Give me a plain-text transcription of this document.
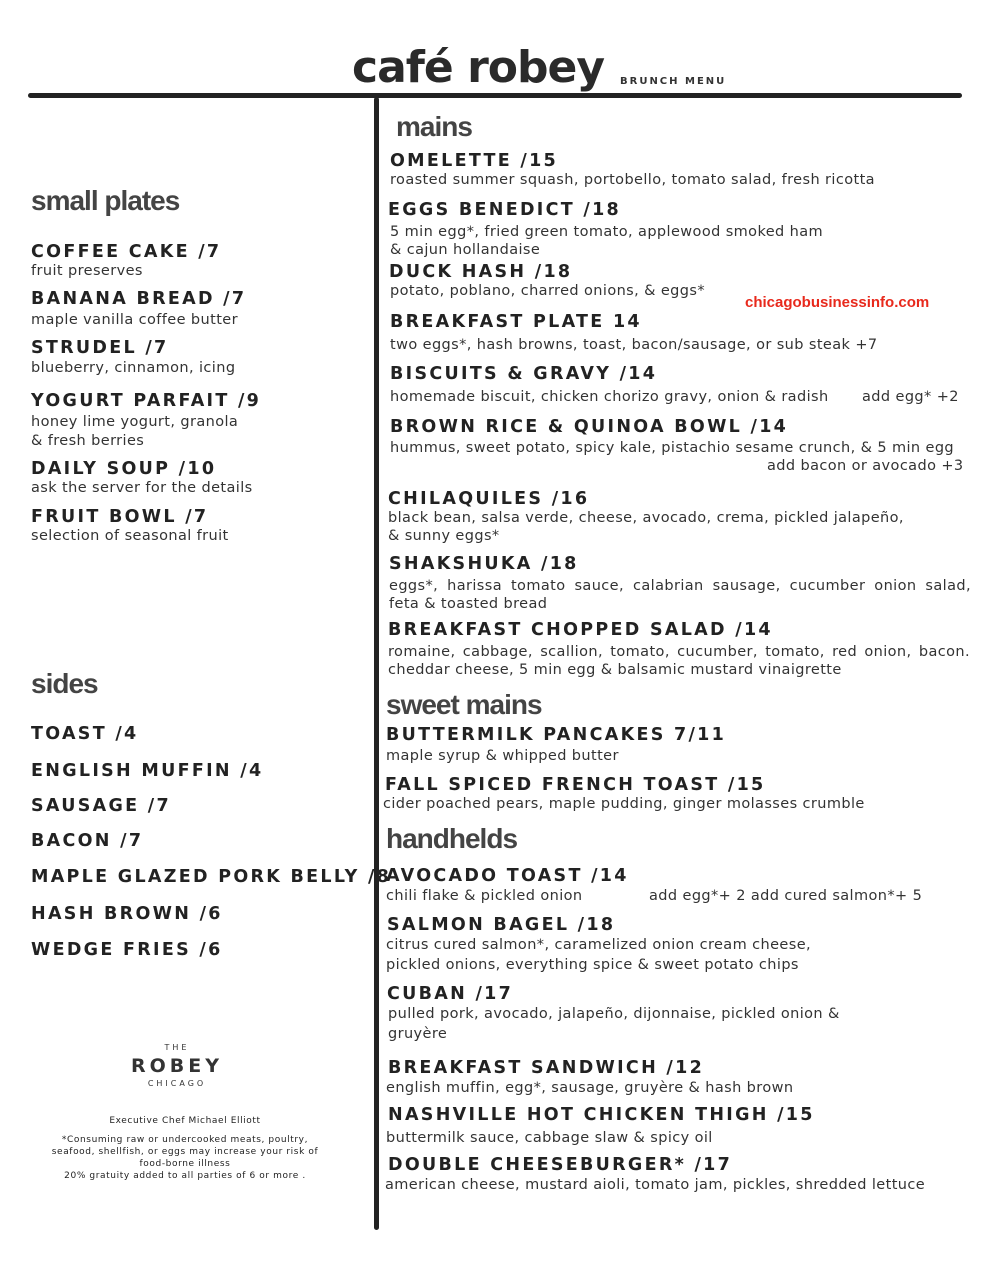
café robey BRUNCH MENU
chicagobusinessinfo.com
small plates
COFFEE CAKE /7
fruit preserves
BANANA BREAD /7
maple vanilla coffee butter
STRUDEL /7
blueberry, cinnamon, icing
YOGURT PARFAIT /9
honey lime yogurt, granola
& fresh berries
DAILY SOUP /10
ask the server for the details
FRUIT BOWL /7
selection of seasonal fruit
sides
TOAST /4
ENGLISH MUFFIN /4
SAUSAGE /7
BACON /7
MAPLE GLAZED PORK BELLY /8
HASH BROWN /6
WEDGE FRIES /6
THE
ROBEY
CHICAGO
Executive Chef Michael Elliott
*Consuming raw or undercooked meats, poultry,
seafood, shellfish, or eggs may increase your risk of
food-borne illness
20% gratuity added to all parties of 6 or more .
mains
OMELETTE /15
roasted summer squash, portobello, tomato salad, fresh ricotta
EGGS BENEDICT /18
5 min egg*, fried green tomato, applewood smoked ham
& cajun hollandaise
DUCK HASH /18
potato, poblano, charred onions, & eggs*
BREAKFAST PLATE 14
two eggs*, hash browns, toast, bacon/sausage, or sub steak +7
BISCUITS & GRAVY /14
homemade biscuit, chicken chorizo gravy, onion & radish add egg* +2
BROWN RICE & QUINOA BOWL /14
hummus, sweet potato, spicy kale, pistachio sesame crunch, & 5 min egg
add bacon or avocado +3
CHILAQUILES /16
black bean, salsa verde, cheese, avocado, crema, pickled jalapeño,
& sunny eggs*
SHAKSHUKA /18
eggs*, harissa tomato sauce, calabrian sausage, cucumber onion salad, feta & toasted bread
BREAKFAST CHOPPED SALAD /14
romaine, cabbage, scallion, tomato, cucumber, tomato, red onion, bacon. cheddar cheese, 5 min egg & balsamic mustard vinaigrette
sweet mains
BUTTERMILK PANCAKES 7/11
maple syrup & whipped butter
FALL SPICED FRENCH TOAST /15
cider poached pears, maple pudding, ginger molasses crumble
handhelds
AVOCADO TOAST /14
chili flake & pickled onion	add egg*+ 2 add cured salmon*+ 5
SALMON BAGEL /18
citrus cured salmon*, caramelized onion cream cheese,
pickled onions, everything spice & sweet potato chips
CUBAN /17
pulled pork, avocado, jalapeño, dijonnaise, pickled onion &
gruyère
BREAKFAST SANDWICH /12
english muffin, egg*, sausage, gruyère & hash brown
NASHVILLE HOT CHICKEN THIGH /15
buttermilk sauce, cabbage slaw & spicy oil
DOUBLE CHEESEBURGER* /17
american cheese, mustard aioli, tomato jam, pickles, shredded lettuce
